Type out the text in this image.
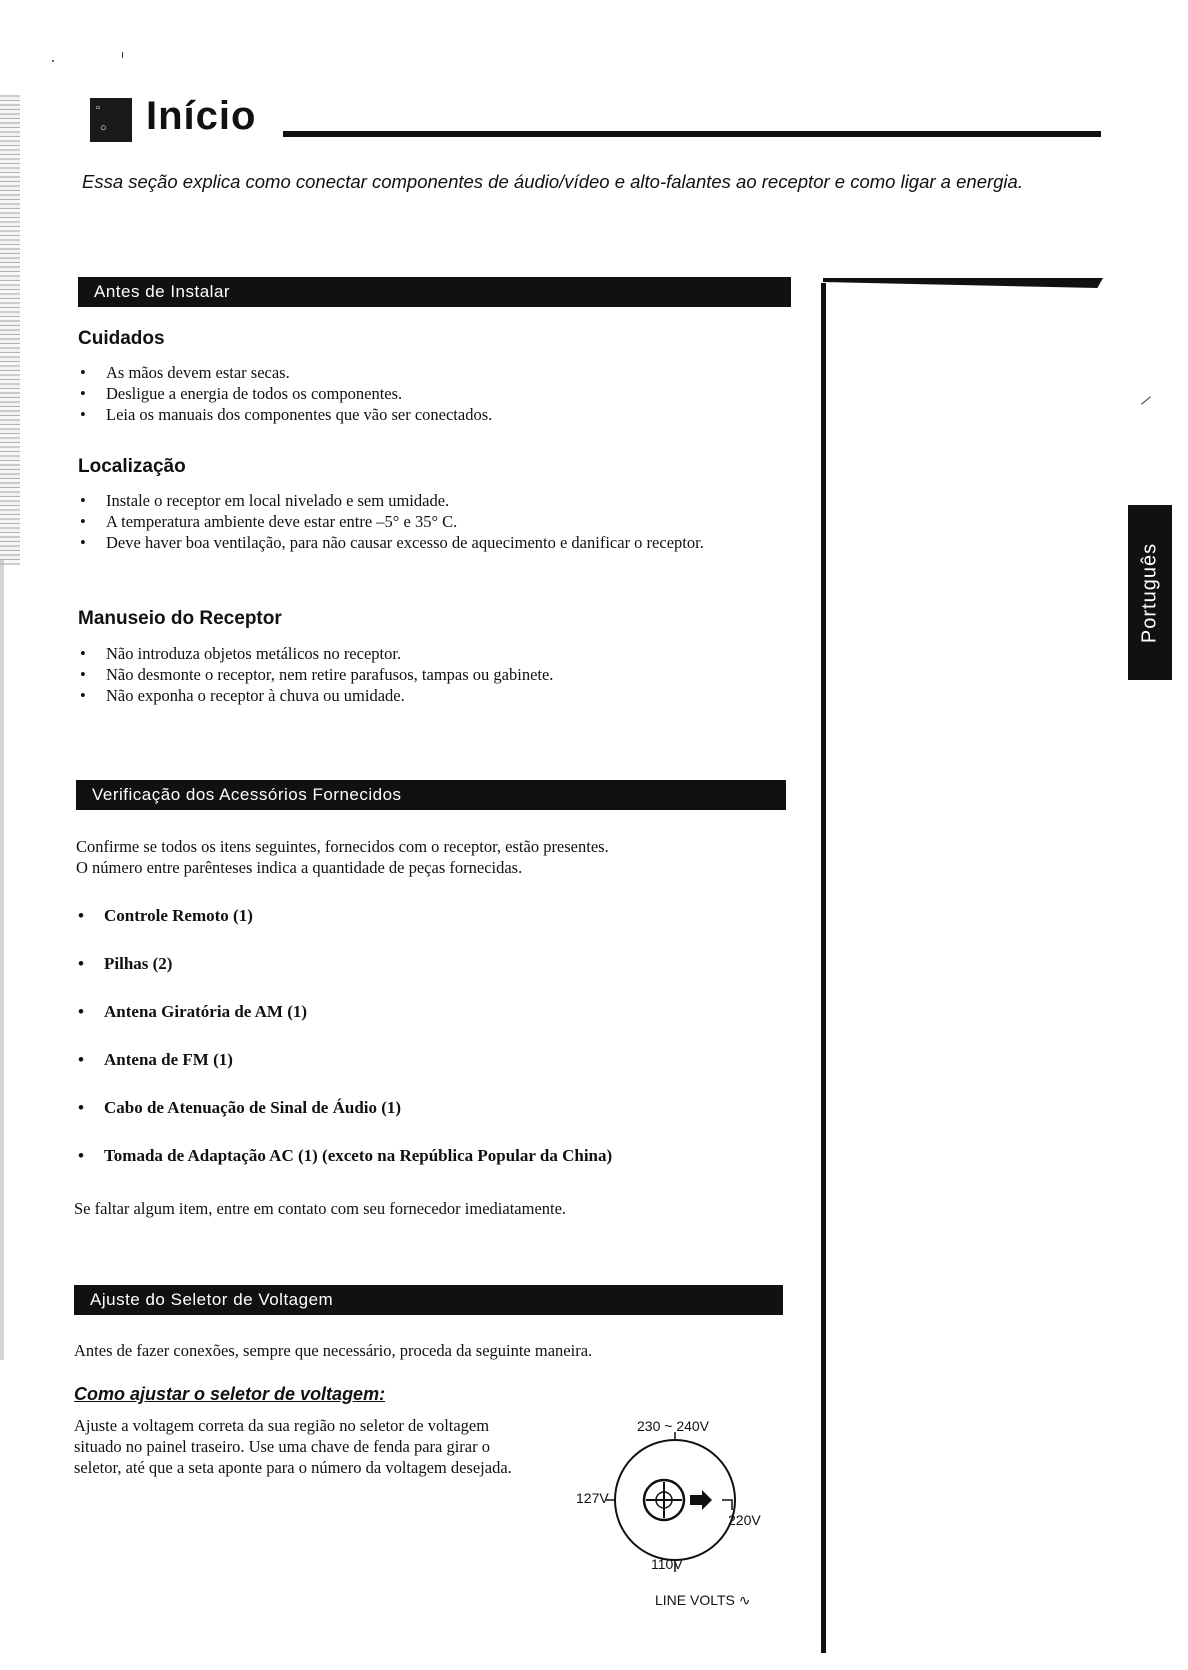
▫
○ Início
Essa seção explica como conectar componentes de áudio/vídeo e alto-falantes ao receptor e como ligar a energia.
Português
Antes de Instalar
Cuidados
• As mãos devem estar secas.
• Desligue a energia de todos os componentes.
• Leia os manuais dos componentes que vão ser conectados.
Localização
• Instale o receptor em local nivelado e sem umidade.
• A temperatura ambiente deve estar entre –5° e 35° C.
• Deve haver boa ventilação, para não causar excesso de aquecimento e danificar o receptor.
Manuseio do Receptor
• Não introduza objetos metálicos no receptor.
• Não desmonte o receptor, nem retire parafusos, tampas ou gabinete.
• Não exponha o receptor à chuva ou umidade.
Verificação dos Acessórios Fornecidos
Confirme se todos os itens seguintes, fornecidos com o receptor, estão presentes.
O número entre parênteses indica a quantidade de peças fornecidas.
• Controle Remoto (1)
• Pilhas (2)
• Antena Giratória de AM (1)
• Antena de FM (1)
• Cabo de Atenuação de Sinal de Áudio (1)
• Tomada de Adaptação AC (1) (exceto na República Popular da China)
Se faltar algum item, entre em contato com seu fornecedor imediatamente.
Ajuste do Seletor de Voltagem
Antes de fazer conexões, sempre que necessário, proceda da seguinte maneira.
Como ajustar o seletor de voltagem:
Ajuste a voltagem correta da sua região no seletor de voltagem situado no painel traseiro. Use uma chave de fenda para girar o seletor, até que a seta aponte para o número da voltagem desejada.
230 ~ 240V
127V
220V
110V
LINE VOLTS ∿
